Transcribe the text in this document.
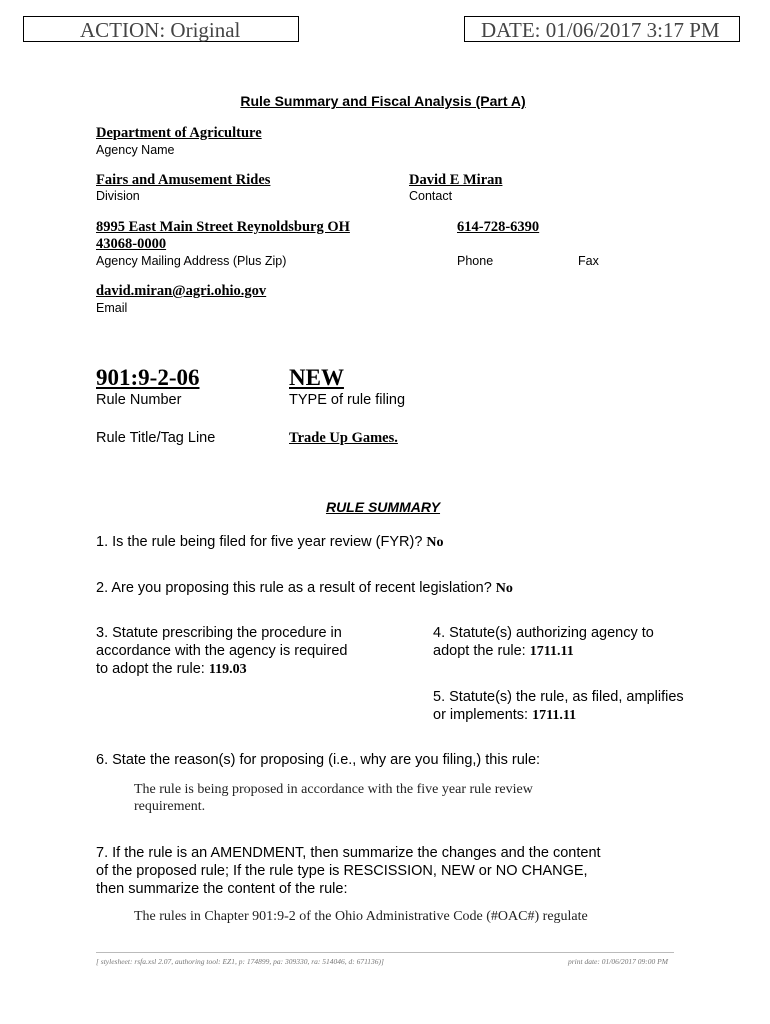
ACTION: Original	DATE: 01/06/2017 3:17 PM
Rule Summary and Fiscal Analysis (Part A)
Department of Agriculture
Agency Name
Fairs and Amusement Rides
Division
David E Miran
Contact
8995 East Main Street Reynoldsburg OH
43068-0000
Agency Mailing Address (Plus Zip)
614-728-6390
Phone	Fax
david.miran@agri.ohio.gov
Email
901:9-2-06
Rule Number
NEW
TYPE of rule filing
Rule Title/Tag Line	Trade Up Games.
RULE SUMMARY
1. Is the rule being filed for five year review (FYR)? No
2. Are you proposing this rule as a result of recent legislation? No
3. Statute prescribing the procedure in
accordance with the agency is required
to adopt the rule: 119.03
4. Statute(s) authorizing agency to
adopt the rule: 1711.11
5. Statute(s) the rule, as filed, amplifies
or implements: 1711.11
6. State the reason(s) for proposing (i.e., why are you filing,) this rule:
The rule is being proposed in accordance with the five year rule review
requirement.
7. If the rule is an AMENDMENT, then summarize the changes and the content
of the proposed rule; If the rule type is RESCISSION, NEW or NO CHANGE,
then summarize the content of the rule:
The rules in Chapter 901:9-2 of the Ohio Administrative Code (#OAC#) regulate
[ stylesheet: rsfa.xsl 2.07, authoring tool: EZ1, p: 174899, pa: 309330, ra: 514046, d: 671136)]	print date: 01/06/2017 09:00 PM
